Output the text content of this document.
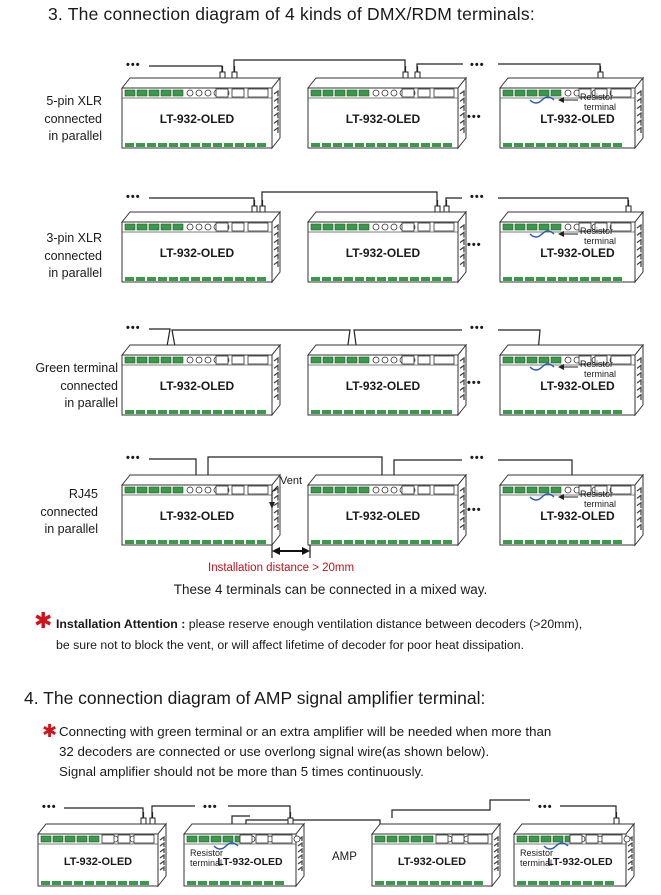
3. The connection diagram of 4 kinds of DMX/RDM terminals:
5-pin XLR
connected
in parallel
3-pin XLR
connected
in parallel
Green terminal
connected
in parallel
RJ45
connected
in parallel
•••	•••
LT-932-OLED	LT-932-OLED	•••	LT-932-OLED
Resistor
terminal
•••	•••
LT-932-OLED	LT-932-OLED
•••
LT-932-OLED
Resistor
terminal
•••	•••
LT-932-OLED	LT-932-OLED	•••	LT-932-OLED
Resistor
terminal
•••	•••
LT-932-OLED	LT-932-OLED	•••	LT-932-OLED
Resistor
terminal
Vent
Installation distance > 20mm
•••	•••
AMP
•••
LT-932-OLED	LT-932-OLED
Resistor
terminal	LT-932-OLED	LT-932-OLED
Resistor
terminal
These 4 terminals can be connected in a mixed way.
✱ Installation Attention : please reserve enough ventilation distance between decoders (>20mm),
be sure not to block the vent, or will affect lifetime of decoder for poor heat dissipation.
4. The connection diagram of AMP signal amplifier terminal:
✱ Connecting with green terminal or an extra amplifier will be needed when more than
32 decoders are connected or use overlong signal wire(as shown below).
Signal amplifier should not be more than 5 times continuously.
